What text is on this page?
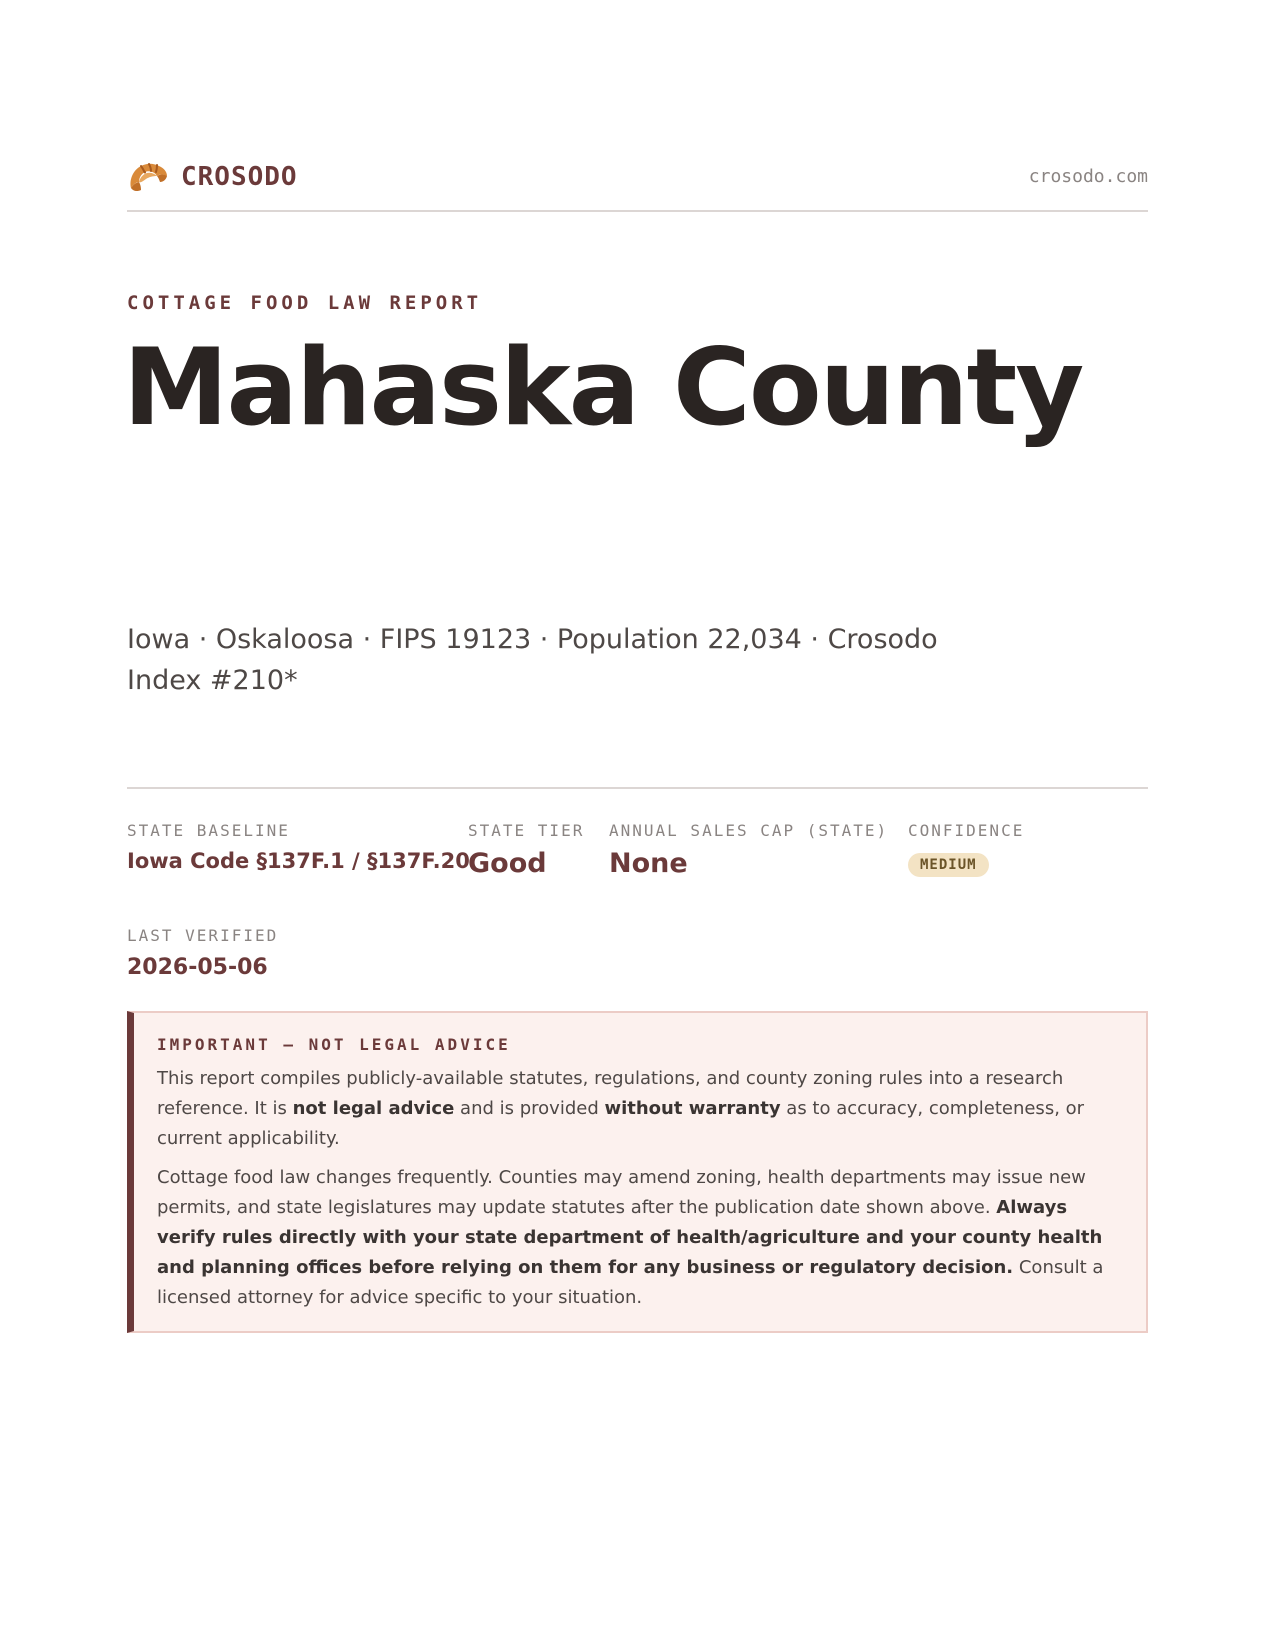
CROSODO	crosodo.com
COTTAGE FOOD LAW REPORT
Mahaska County
Iowa · Oskaloosa · FIPS 19123 · Population 22,034 · Crosodo Index #210*
STATE BASELINE
Iowa Code §137F.1 / §137F.20
STATE TIER
Good
ANNUAL SALES CAP (STATE)
None
CONFIDENCE
MEDIUM
LAST VERIFIED
2026-05-06
IMPORTANT — NOT LEGAL ADVICE

This report compiles publicly-available statutes, regulations, and county zoning rules into a research reference. It is not legal advice and is provided without warranty as to accuracy, completeness, or current applicability.

Cottage food law changes frequently. Counties may amend zoning, health departments may issue new permits, and state legislatures may update statutes after the publication date shown above. Always verify rules directly with your state department of health/agriculture and your county health and planning offices before relying on them for any business or regulatory decision. Consult a licensed attorney for advice specific to your situation.
